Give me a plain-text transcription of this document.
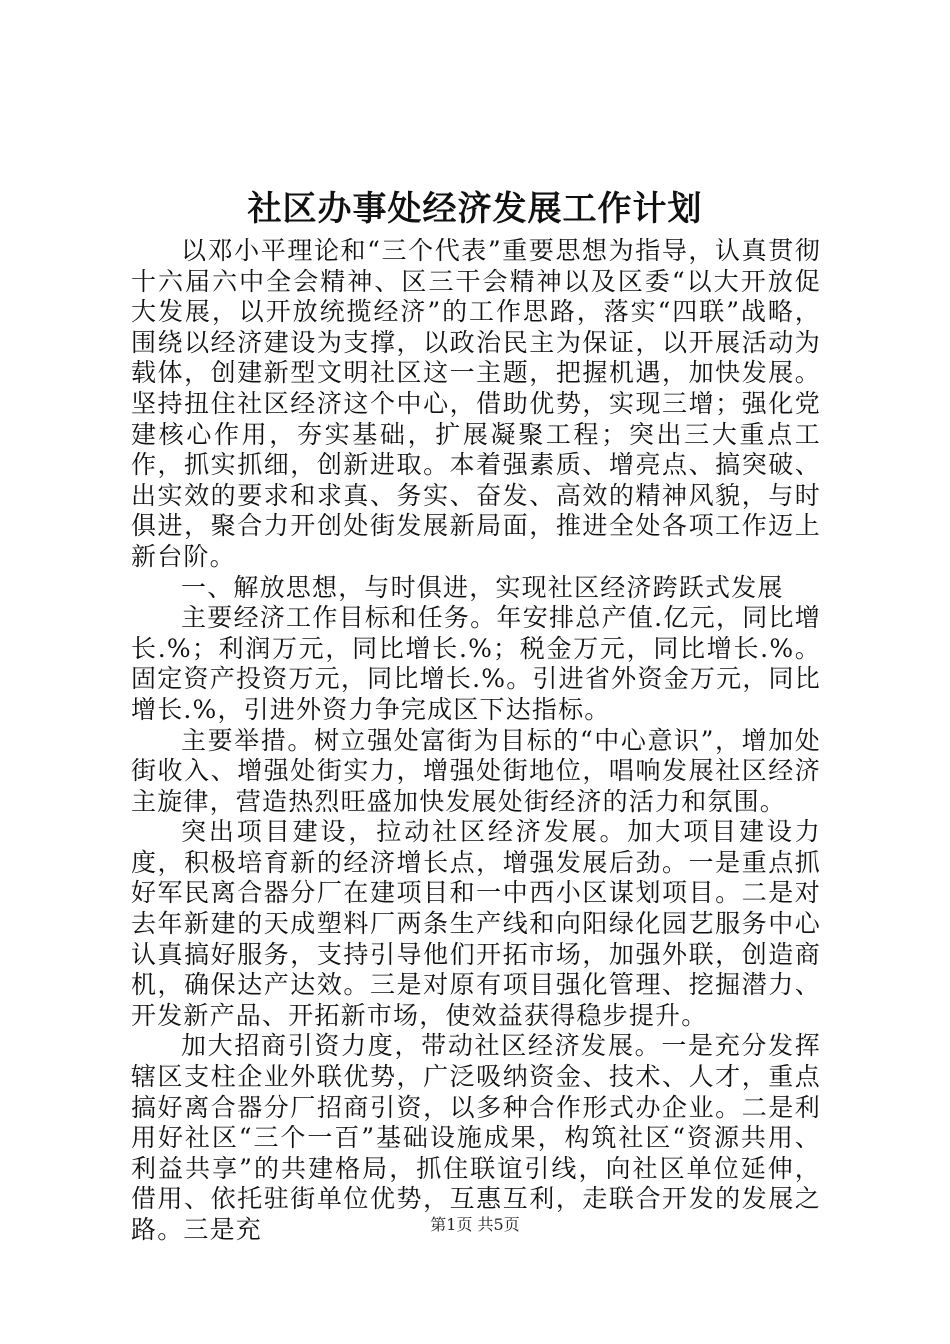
社区办事处经济发展工作计划

以邓小平理论和“三个代表”重要思想为指导，认真贯彻十六届六中全会精神、区三干会精神以及区委“以大开放促大发展，以开放统揽经济”的工作思路，落实“四联”战略，围绕以经济建设为支撑，以政治民主为保证，以开展活动为载体，创建新型文明社区这一主题，把握机遇，加快发展。坚持扭住社区经济这个中心，借助优势，实现三增；强化党建核心作用，夯实基础，扩展凝聚工程；突出三大重点工作，抓实抓细，创新进取。本着强素质、增亮点、搞突破、出实效的要求和求真、务实、奋发、高效的精神风貌，与时俱进，聚合力开创处街发展新局面，推进全处各项工作迈上新台阶。

一、解放思想，与时俱进，实现社区经济跨跃式发展

主要经济工作目标和任务。年安排总产值.亿元，同比增长.%；利润万元，同比增长.%；税金万元，同比增长.%。固定资产投资万元，同比增长.%。引进省外资金万元，同比增长.%，引进外资力争完成区下达指标。

主要举措。树立强处富街为目标的“中心意识”，增加处街收入、增强处街实力，增强处街地位，唱响发展社区经济主旋律，营造热烈旺盛加快发展处街经济的活力和氛围。

突出项目建设，拉动社区经济发展。加大项目建设力度，积极培育新的经济增长点，增强发展后劲。一是重点抓好军民离合器分厂在建项目和一中西小区谋划项目。二是对去年新建的天成塑料厂两条生产线和向阳绿化园艺服务中心认真搞好服务，支持引导他们开拓市场，加强外联，创造商机，确保达产达效。三是对原有项目强化管理、挖掘潜力、开发新产品、开拓新市场，使效益获得稳步提升。

加大招商引资力度，带动社区经济发展。一是充分发挥辖区支柱企业外联优势，广泛吸纳资金、技术、人才，重点搞好离合器分厂招商引资，以多种合作形式办企业。二是利用好社区“三个一百”基础设施成果，构筑社区“资源共用、利益共享”的共建格局，抓住联谊引线，向社区单位延伸，借用、依托驻街单位优势，互惠互利，走联合开发的发展之路。三是充	第1页 共5页
